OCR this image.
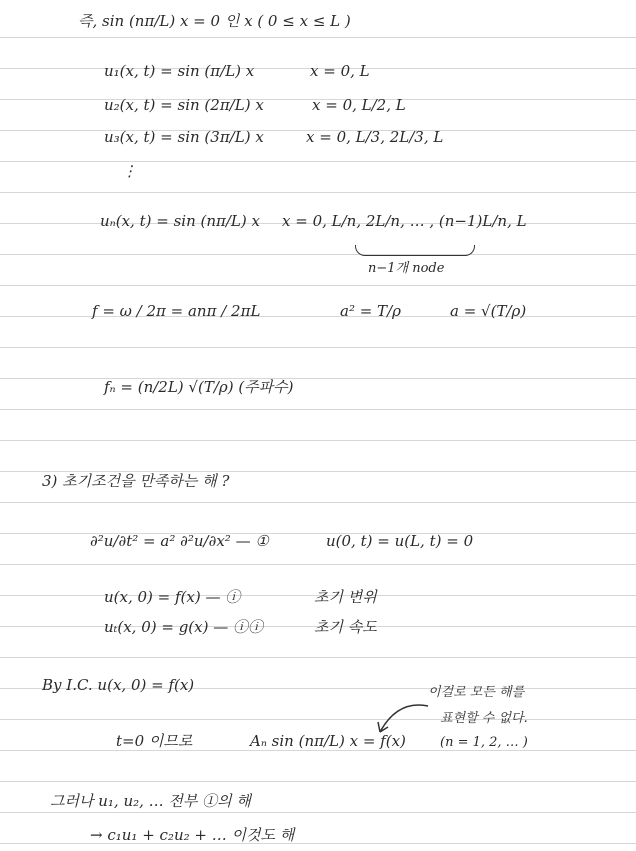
즉, sin (nπ/L) x = 0 인 x ( 0 ≤ x ≤ L )
u₁(x, t) = sin (π/L) x	x = 0, L
u₂(x, t) = sin (2π/L) x	x = 0, L/2, L
u₃(x, t) = sin (3π/L) x	x = 0, L/3, 2L/3, L
⋮
uₙ(x, t) = sin (nπ/L) x x = 0, L/n, 2L/n, … , (n−1)L/n, L
n−1개 node
f = ω / 2π = anπ / 2πL	a² = T/ρ	a = √(T/ρ)
fₙ = (n/2L) √(T/ρ) (주파수)
3) 초기조건을 만족하는 해 ?
∂²u/∂t² = a² ∂²u/∂x² — ①	u(0, t) = u(L, t) = 0
u(x, 0) = f(x) — ⓘ	초기 변위
uₜ(x, 0) = g(x) — ⓘⓘ	초기 속도
By I.C. u(x, 0) = f(x)	이걸로 모든 해를
표현할 수 없다.
t=0 이므로	Aₙ sin (nπ/L) x = f(x)	(n = 1, 2, … )
그러나 u₁, u₂, … 전부 ①의 해
→ c₁u₁ + c₂u₂ + … 이것도 해
